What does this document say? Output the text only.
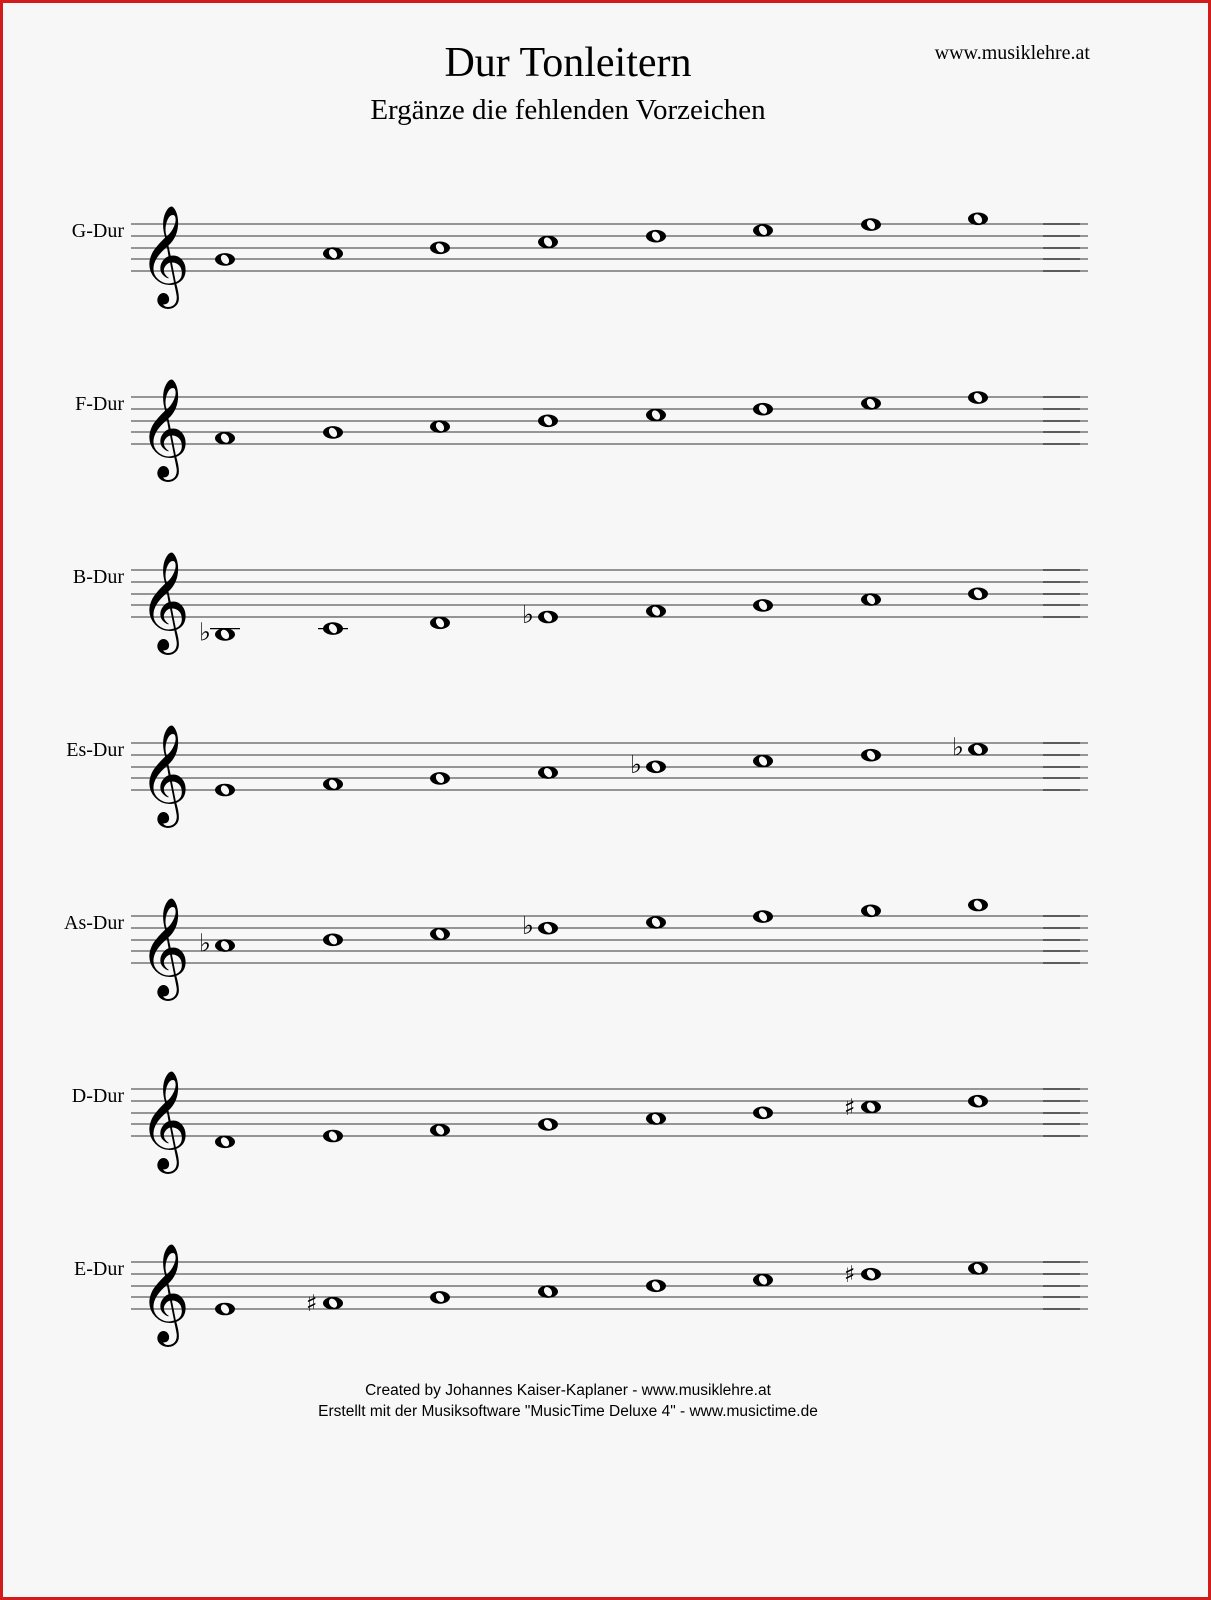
Dur Tonleitern
Ergänze die fehlenden Vorzeichen
www.musiklehre.at
G-Dur 𝄞
F-Dur 𝄞
B-Dur 𝄞 ♭
♭
Es-Dur 𝄞	♭
♭
As-Dur 𝄞 ♭
♭
D-Dur 𝄞	♯
E-Dur 𝄞	♯
♯
Created by Johannes Kaiser-Kaplaner - www.musiklehre.at
Erstellt mit der Musiksoftware "MusicTime Deluxe 4" - www.musictime.de
